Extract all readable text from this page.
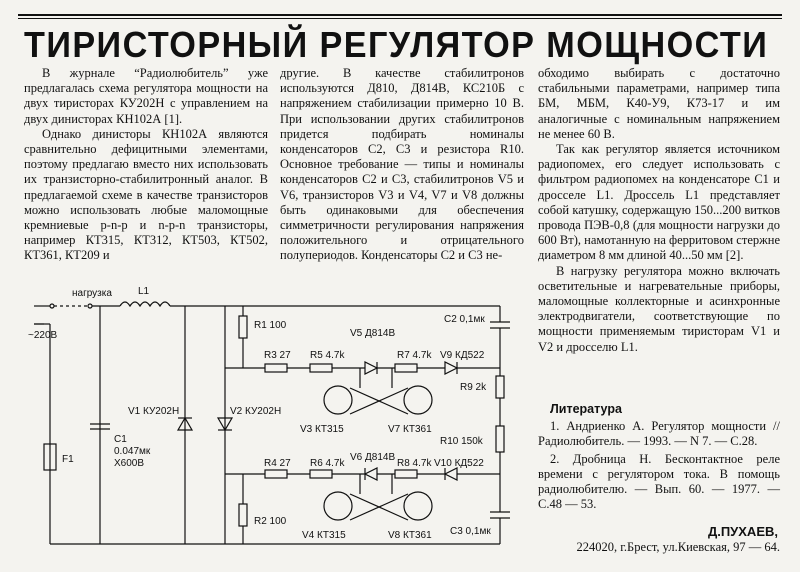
ТИРИСТОРНЫЙ РЕГУЛЯТОР МОЩНОСТИ

В журнале “Радиолюбитель” уже предлагалась схема регулятора мощности на двух тиристорах КУ202Н с управлением на двух динисторах КН102А [1].

Однако динисторы КН102А являются сравнительно дефицитными элементами, поэтому предлагаю вместо них использовать их транзисторно-стабилитронный аналог. В предлагаемой схеме в качестве транзисторов можно использовать любые маломощные кремниевые p-n-p и n-p-n транзисторы, например КТ315, КТ312, КТ503, КТ502, КТ361, КТ209 и

другие. В качестве стабилитронов используются Д810, Д814В, КС210Б с напряжением стабилизации примерно 10 В. При использовании других стабилитронов придется подбирать номиналы конденсаторов С2, С3 и резистора R10. Основное требование — типы и номиналы конденсаторов С2 и С3, стабилитронов V5 и V6, транзисторов V3 и V4, V7 и V8 должны быть одинаковыми для обеспечения симметричности регулирования напряжения положительного и отрицательного полупериодов. Конденсаторы С2 и С3 не-

обходимо выбирать с достаточно стабильными параметрами, например типа БМ, МБМ, К40-У9, К73-17 и им аналогичные с номинальным напряжением не менее 60 В.

Так как регулятор является источником радиопомех, его следует использовать с фильтром радиопомех на конденсаторе С1 и дросселе L1. Дроссель L1 представляет собой катушку, содержащую 150...200 витков провода ПЭВ-0,8 (для мощности нагрузки до 600 Вт), намотанную на ферритовом стержне диаметром 8 мм длиной 40...50 мм [2].

В нагрузку регулятора можно включать осветительные и нагревательные приборы, маломощные коллекторные и асинхронные электродвигатели, соответствующие по мощности применяемым тиристорам V1 и V2 и дросселю L1.

Литература

1. Андриенко А. Регулятор мощности //Радиолюбитель. — 1993. — N 7. — С.28.

2. Дробница Н. Бесконтактное реле времени с регулятором тока. В помощь радиолюбителю. — Вып. 60. — 1977. — С.48 — 53.

Д.ПУХАЕВ,
224020, г.Брест, ул.Киевская, 97 — 64.
нагрузка
~220В
L1
F1
C1
0.047мк
Х600В
V1 КУ202Н	V2 КУ202Н
R1 100
R2 100
R3 27
R4 27
R5 4.7k
R6 4.7k
V5 Д814В
V6 Д814В
R7 4.7k
R8 4.7k
V9 КД522
V10 КД522
C2 0,1мк
R9 2k
R10 150k
C3 0,1мк
V3 КТ315
V4 КТ315
V7 КТ361
V8 КТ361
